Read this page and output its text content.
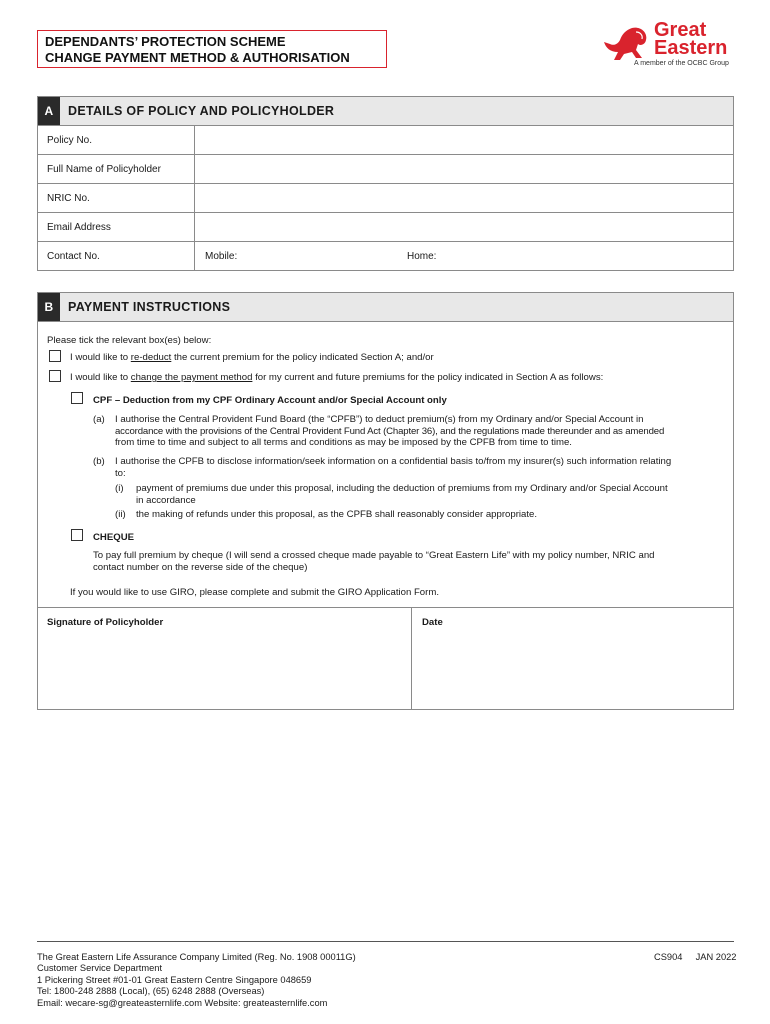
DEPENDANTS’ PROTECTION SCHEME
CHANGE PAYMENT METHOD & AUTHORISATION
Great
Eastern
A member of the OCBC Group
A	DETAILS OF POLICY AND POLICYHOLDER
Policy No.
Full Name of Policyholder
NRIC No.
Email Address
Contact No.	Mobile:	Home:
B	PAYMENT INSTRUCTIONS
Please tick the relevant box(es) below:
I would like to re-deduct the current premium for the policy indicated Section A; and/or
I would like to change the payment method for my current and future premiums for the policy indicated in Section A as follows:
CPF – Deduction from my CPF Ordinary Account and/or Special Account only
(a) I authorise the Central Provident Fund Board (the “CPFB”) to deduct premium(s) from my Ordinary and/or Special Account in
accordance with the provisions of the Central Provident Fund Act (Chapter 36), and the regulations made thereunder and as amended
from time to time and subject to all terms and conditions as may be imposed by the CPFB from time to time.
(b) I authorise the CPFB to disclose information/seek information on a confidential basis to/from my insurer(s) such information relating
to:
(i) payment of premiums due under this proposal, including the deduction of premiums from my Ordinary and/or Special Account
in accordance
(ii) the making of refunds under this proposal, as the CPFB shall reasonably consider appropriate.
CHEQUE
To pay full premium by cheque (I will send a crossed cheque made payable to “Great Eastern Life” with my policy number, NRIC and
contact number on the reverse side of the cheque)
If you would like to use GIRO, please complete and submit the GIRO Application Form.
Signature of Policyholder	Date
The Great Eastern Life Assurance Company Limited (Reg. No. 1908 00011G)
Customer Service Department
1 Pickering Street #01-01 Great Eastern Centre Singapore 048659
Tel: 1800-248 2888 (Local), (65) 6248 2888 (Overseas)
Email: wecare-sg@greateasternlife.com Website: greateasternlife.com
CS904 JAN 2022
